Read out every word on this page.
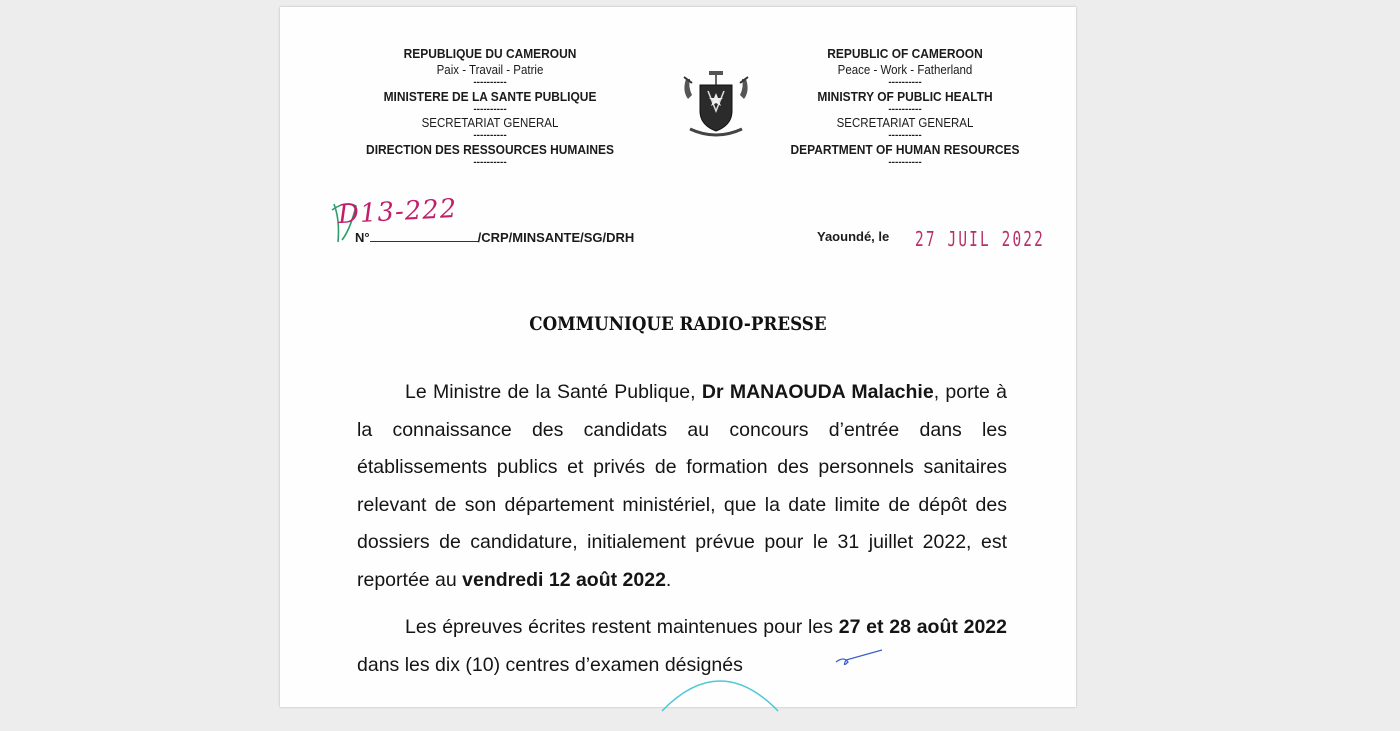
REPUBLIQUE DU CAMEROUN
Paix - Travail - Patrie
----------
MINISTERE DE LA SANTE PUBLIQUE
----------
SECRETARIAT GENERAL
----------
DIRECTION DES RESSOURCES HUMAINES
----------
REPUBLIC OF CAMEROON
Peace - Work - Fatherland
----------
MINISTRY OF PUBLIC HEALTH
----------
SECRETARIAT GENERAL
----------
DEPARTMENT OF HUMAN RESOURCES
----------
D13-222
N°	/CRP/MINSANTE/SG/DRH	Yaoundé, le 27 JUIL 2022
COMMUNIQUE RADIO-PRESSE

Le Ministre de la Santé Publique, Dr MANAOUDA Malachie, porte à la connaissance des candidats au concours d’entrée dans les établissements publics et privés de formation des personnels sanitaires relevant de son département ministériel, que la date limite de dépôt des dossiers de candidature, initialement prévue pour le 31 juillet 2022, est reportée au vendredi 12 août 2022.

Les épreuves écrites restent maintenues pour les 27 et 28 août 2022 dans les dix (10) centres d’examen désignés
